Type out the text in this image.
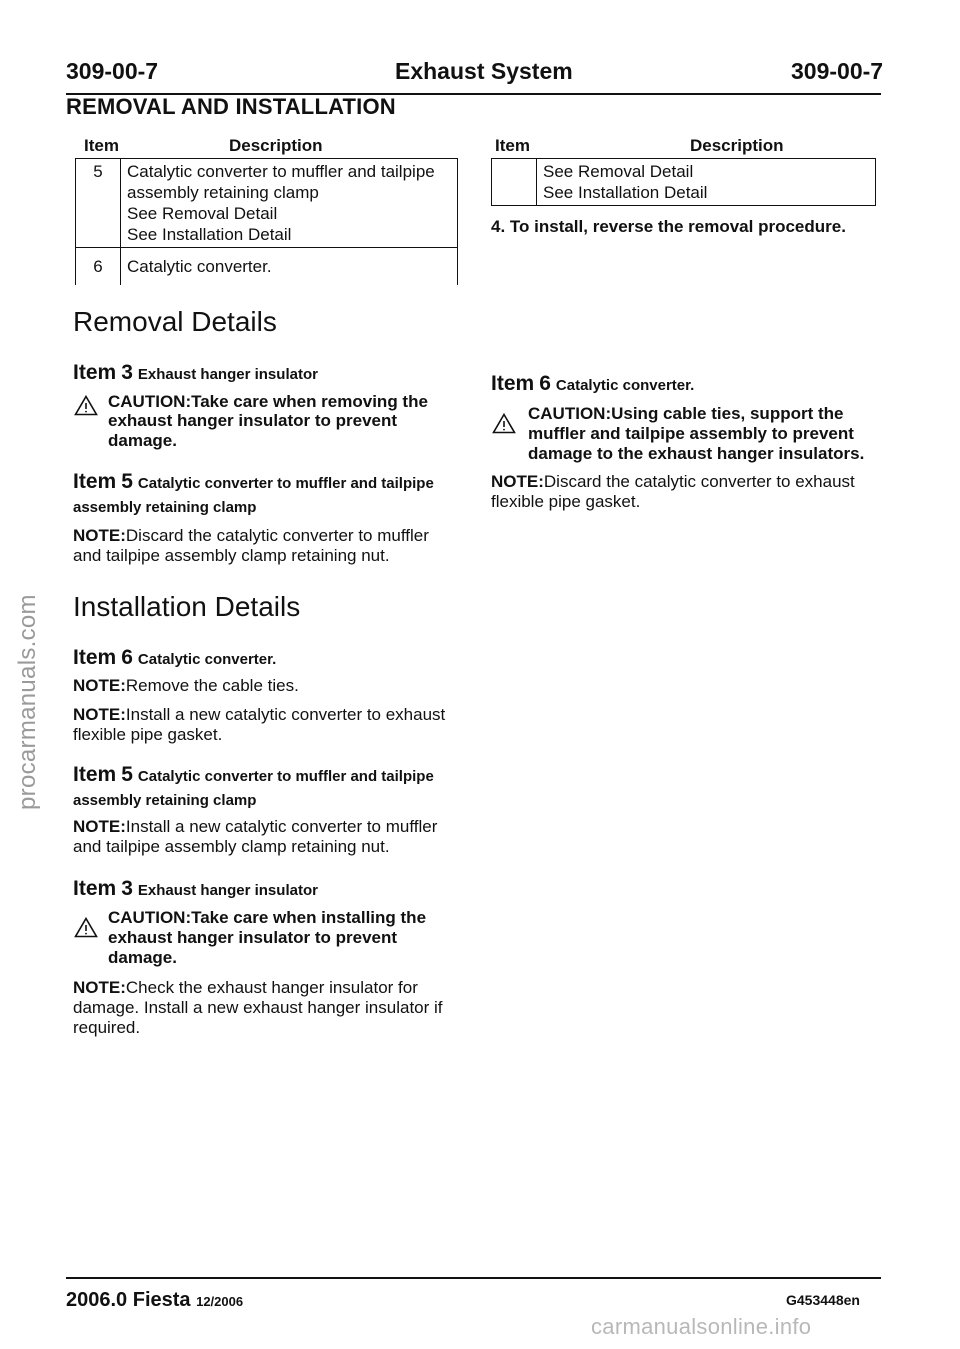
309-00-7	Exhaust System	309-00-7
REMOVAL AND INSTALLATION
Item	Description
5	Catalytic converter to muffler and tailpipe
assembly retaining clamp
See Removal Detail
See Installation Detail

6	Catalytic converter.
Item	Description

See Removal Detail
See Installation Detail
4. To install, reverse the removal procedure.
Removal Details
Item 3 Exhaust hanger insulator
CAUTION:Take care when removing the
exhaust hanger insulator to prevent
damage.
Item 5 Catalytic converter to muffler and tailpipe
assembly retaining clamp
NOTE:Discard the catalytic converter to muffler
and tailpipe assembly clamp retaining nut.
Item 6 Catalytic converter.
CAUTION:Using cable ties, support the
muffler and tailpipe assembly to prevent
damage to the exhaust hanger insulators.
NOTE:Discard the catalytic converter to exhaust
flexible pipe gasket.
Installation Details
Item 6 Catalytic converter.
NOTE:Remove the cable ties.
NOTE:Install a new catalytic converter to exhaust
flexible pipe gasket.
Item 5 Catalytic converter to muffler and tailpipe
assembly retaining clamp
NOTE:Install a new catalytic converter to muffler
and tailpipe assembly clamp retaining nut.
Item 3 Exhaust hanger insulator
CAUTION:Take care when installing the
exhaust hanger insulator to prevent
damage.
NOTE:Check the exhaust hanger insulator for
damage. Install a new exhaust hanger insulator if
required.
procarmanuals.com
2006.0 Fiesta 12/2006	G453448en
carmanualsonline.info
